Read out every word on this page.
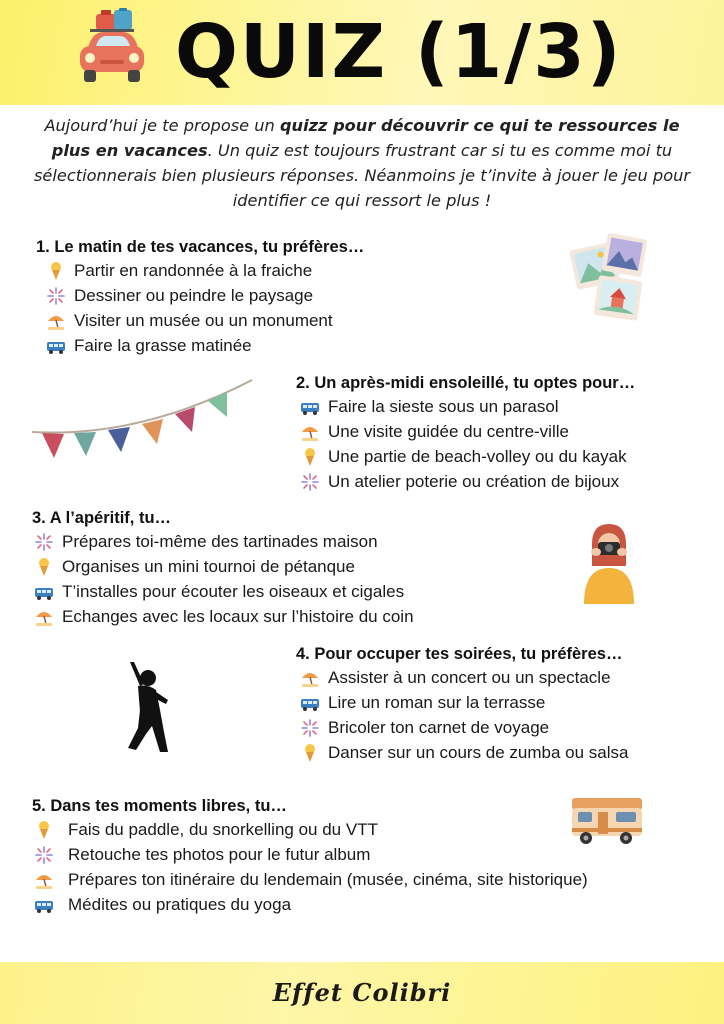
QUIZ (1/3)

Aujourd’hui je te propose un quizz pour découvrir ce qui te ressources le plus en vacances. Un quiz est toujours frustrant car si tu es comme moi tu sélectionnerais bien plusieurs réponses. Néanmoins je t’invite à jouer le jeu pour identifier ce qui ressort le plus !

1. Le matin de tes vacances, tu préfères…
Partir en randonnée à la fraiche
Dessiner ou peindre le paysage
Visiter un musée ou un monument
Faire la grasse matinée
2. Un après-midi ensoleillé, tu optes pour…
Faire la sieste sous un parasol
Une visite guidée du centre-ville
Une partie de beach-volley ou du kayak
Un atelier poterie ou création de bijoux
3. A l’apéritif, tu…
Prépares toi-même des tartinades maison
Organises un mini tournoi de pétanque
T’installes pour écouter les oiseaux et cigales
Echanges avec les locaux sur l’histoire du coin
4. Pour occuper tes soirées, tu préfères…
Assister à un concert ou un spectacle
Lire un roman sur la terrasse
Bricoler ton carnet de voyage
Danser sur un cours de zumba ou salsa
5. Dans tes moments libres, tu…
Fais du paddle, du snorkelling ou du VTT
Retouche tes photos pour le futur album
Prépares ton itinéraire du lendemain (musée, cinéma, site historique)
Médites ou pratiques du yoga
Effet Colibri
